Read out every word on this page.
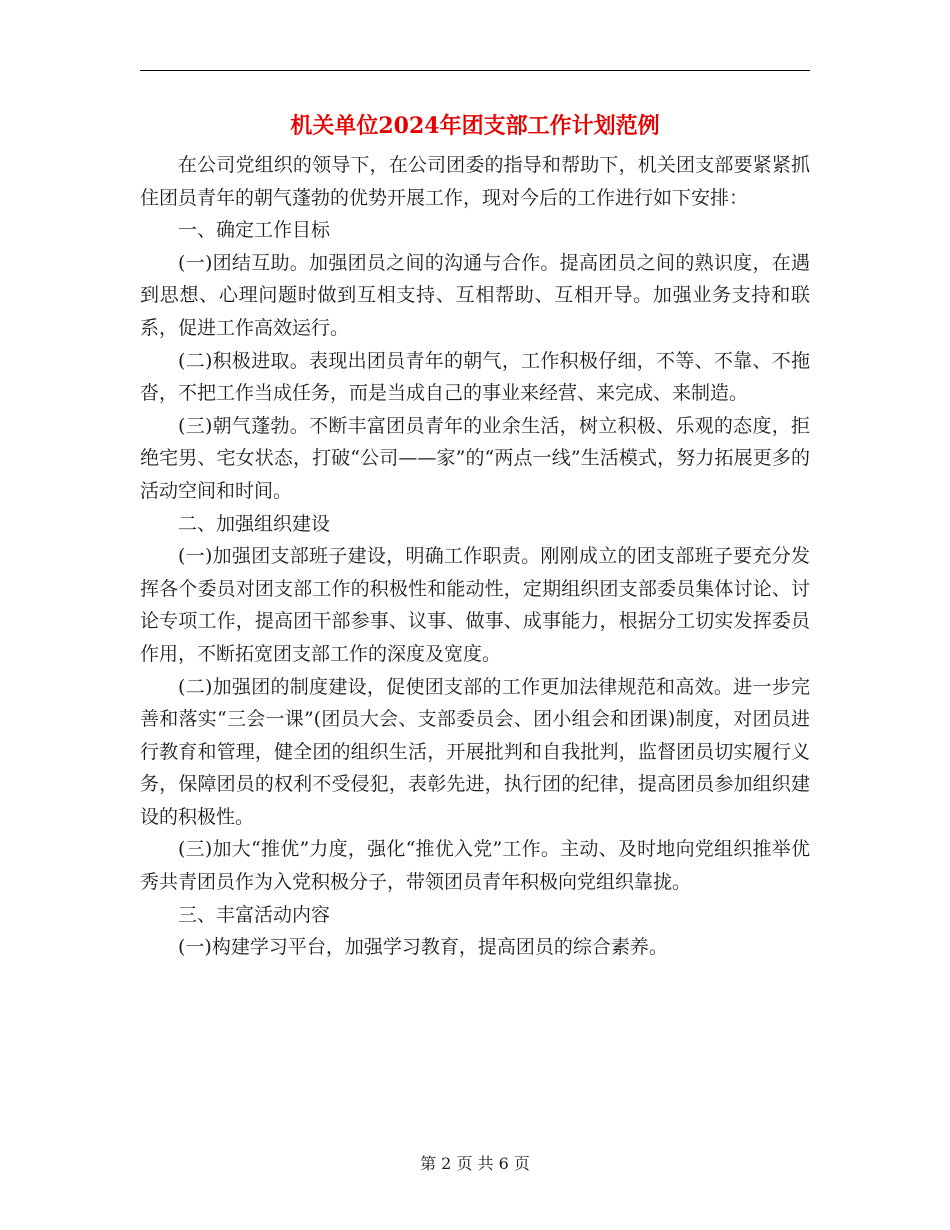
机关单位2024年团支部工作计划范例

在公司党组织的领导下，在公司团委的指导和帮助下，机关团支部要紧紧抓住团员青年的朝气蓬勃的优势开展工作，现对今后的工作进行如下安排：

一、确定工作目标

(一)团结互助。加强团员之间的沟通与合作。提高团员之间的熟识度，在遇到思想、心理问题时做到互相支持、互相帮助、互相开导。加强业务支持和联系，促进工作高效运行。

(二)积极进取。表现出团员青年的朝气，工作积极仔细，不等、不靠、不拖沓，不把工作当成任务，而是当成自己的事业来经营、来完成、来制造。

(三)朝气蓬勃。不断丰富团员青年的业余生活，树立积极、乐观的态度，拒绝宅男、宅女状态，打破“公司——家”的“两点一线”生活模式，努力拓展更多的活动空间和时间。

二、加强组织建设

(一)加强团支部班子建设，明确工作职责。刚刚成立的团支部班子要充分发挥各个委员对团支部工作的积极性和能动性，定期组织团支部委员集体讨论、讨论专项工作，提高团干部参事、议事、做事、成事能力，根据分工切实发挥委员作用，不断拓宽团支部工作的深度及宽度。

(二)加强团的制度建设，促使团支部的工作更加法律规范和高效。进一步完善和落实“三会一课”(团员大会、支部委员会、团小组会和团课)制度，对团员进行教育和管理，健全团的组织生活，开展批判和自我批判，监督团员切实履行义务，保障团员的权利不受侵犯，表彰先进，执行团的纪律，提高团员参加组织建设的积极性。

(三)加大“推优”力度，强化“推优入党”工作。主动、及时地向党组织推举优秀共青团员作为入党积极分子，带领团员青年积极向党组织靠拢。

三、丰富活动内容

(一)构建学习平台，加强学习教育，提高团员的综合素养。

第 2 页 共 6 页
